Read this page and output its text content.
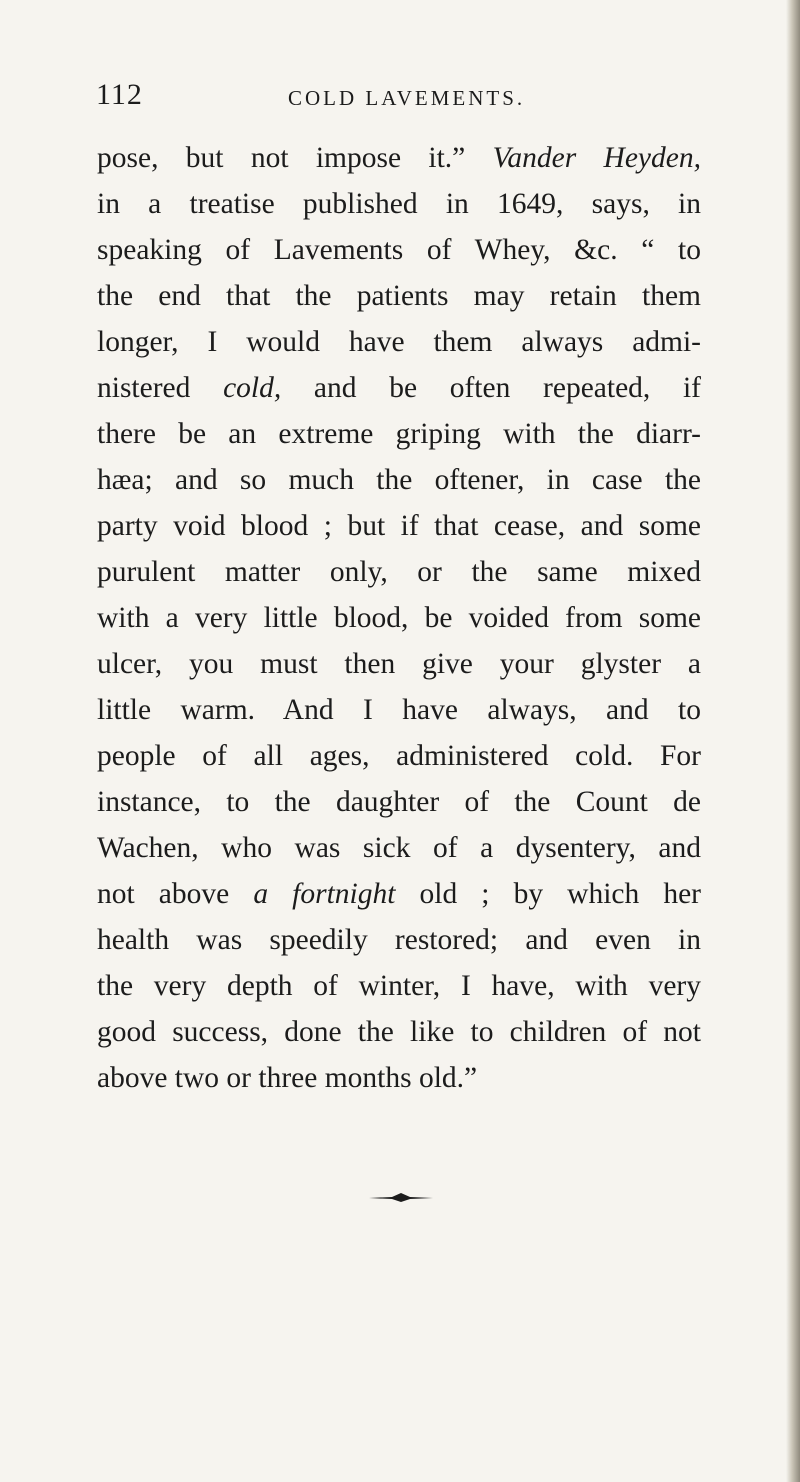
112	COLD LAVEMENTS.
pose, but not impose it.” Vander Heyden,
in a treatise published in 1649, says, in
speaking of Lavements of Whey, &c. “ to
the end that the patients may retain them
longer, I would have them always admi-
nistered cold, and be often repeated, if
there be an extreme griping with the diarr-
hæa; and so much the oftener, in case the
party void blood ; but if that cease, and some
purulent matter only, or the same mixed
with a very little blood, be voided from some
ulcer, you must then give your glyster a
little warm. And I have always, and to
people of all ages, administered cold. For
instance, to the daughter of the Count de
Wachen, who was sick of a dysentery, and
not above a fortnight old ; by which her
health was speedily restored; and even in
the very depth of winter, I have, with very
good success, done the like to children of not
above two or three months old.”
